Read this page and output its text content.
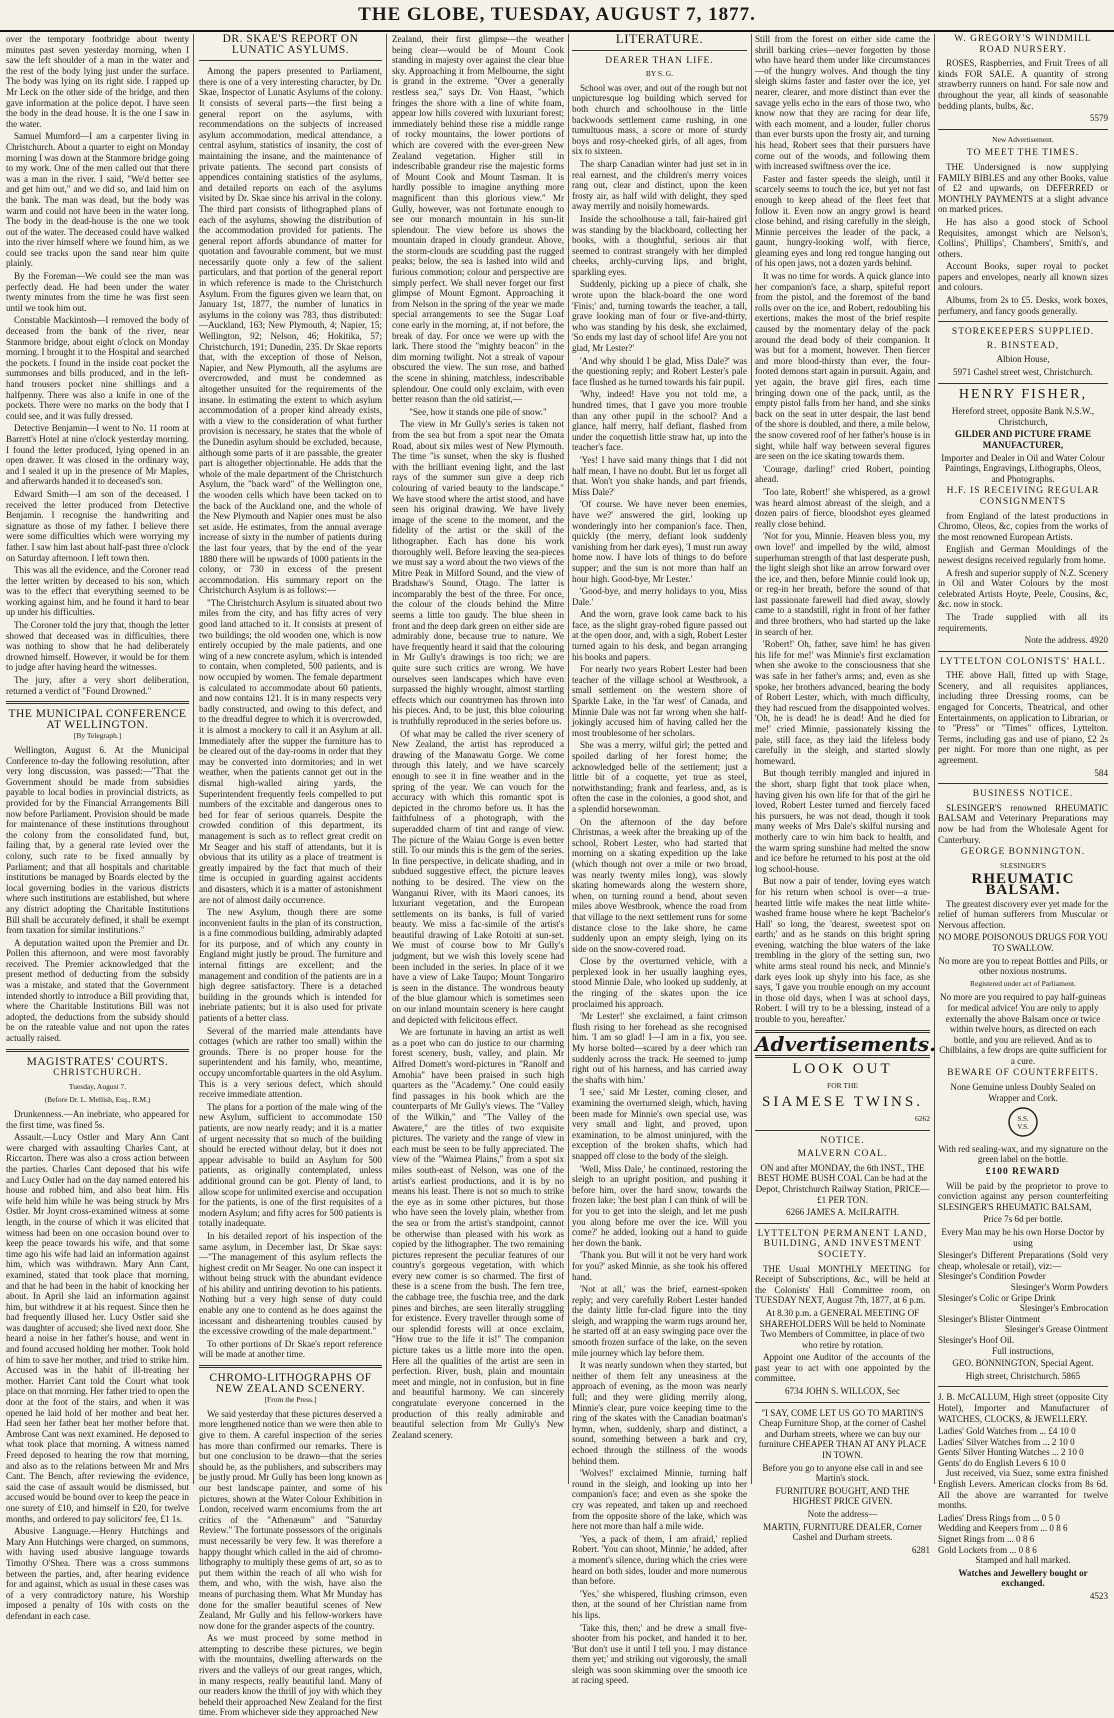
THE GLOBE, TUESDAY, AUGUST 7, 1877.

over the temporary footbridge about twenty minutes past seven yesterday morning, when I saw the left shoulder of a man in the water and the rest of the body lying just under the surface. The body was lying on its right side. I rapped up Mr Leck on the other side of the bridge, and then gave information at the police depot. I have seen the body in the dead house. It is the one I saw in the water.

Samuel Mumford—I am a carpenter living in Christchurch. About a quarter to eight on Monday morning I was down at the Stanmore bridge going to my work. One of the men called out that there was a man in the river. I said, "We'd better see and get him out," and we did so, and laid him on the bank. The man was dead, but the body was warm and could not have been in the water long. The body in the dead-house is the one we took out of the water. The deceased could have walked into the river himself where we found him, as we could see tracks upon the sand near him quite plainly.

By the Foreman—We could see the man was perfectly dead. He had been under the water twenty minutes from the time he was first seen until we took him out.

Constable Mackintosh—I removed the body of deceased from the bank of the river, near Stanmore bridge, about eight o'clock on Monday morning. I brought it to the Hospital and searched the pockets. I found in the inside coat pocket the summonses and bills produced, and in the left-hand trousers pocket nine shillings and a halfpenny. There was also a knife in one of the pockets. There were no marks on the body that I could see, and it was fully dressed.

Detective Benjamin—I went to No. 11 room at Barrett's Hotel at nine o'clock yesterday morning. I found the letter produced, lying opened in an open drawer. It was closed in the ordinary way, and I sealed it up in the presence of Mr Maples, and afterwards handed it to deceased's son.

Edward Smith—I am son of the deceased. I received the letter produced from Detective Benjamin. I recognise the handwriting and signature as those of my father. I believe there were some difficulties which were worrying my father. I saw him last about half-past three o'clock on Saturday afternoon. I left town then.

This was all the evidence, and the Coroner read the letter written by deceased to his son, which was to the effect that everything seemed to be working against him, and he found it hard to bear up under his difficulties.

The Coroner told the jury that, though the letter showed that deceased was in difficulties, there was nothing to show that he had deliberately drowned himself. However, it would be for them to judge after having heard the witnesses.

The jury, after a very short deliberation, returned a verdict of "Found Drowned."

THE MUNICIPAL CONFERENCE AT WELLINGTON.
[By Telegraph.]

Wellington, August 6. At the Municipal Conference to-day the following resolution, after very long discussion, was passed:—"That the Government should be made from subsidies payable to local bodies in provincial districts, as provided for by the Financial Arrangements Bill now before Parliament. Provision should be made for maintenance of these institutions throughout the colony from the consolidated fund, but, failing that, by a general rate levied over the colony, such rate to be fixed annually by Parliament; and that all hospitals and charitable institutions be managed by Boards elected by the local governing bodies in the various districts where such institutions are established, but where any district adopting the Charitable Institutions Bill shall be accurately defined, it shall be exempt from taxation for similar institutions."

A deputation waited upon the Premier and Dr. Pollen this afternoon, and were most favorably received. The Premier acknowledged that the present method of deducting from the subsidy was a mistake, and stated that the Government intended shortly to introduce a Bill providing that, where the Charitable Institutions Bill was not adopted, the deductions from the subsidy should be on the rateable value and not upon the rates actually raised.

MAGISTRATES' COURTS.
CHRISTCHURCH.
Tuesday, August 7.
(Before Dr. L. Mellish, Esq., R.M.)

Drunkenness.—An inebriate, who appeared for the first time, was fined 5s.

Assault.—Lucy Ostler and Mary Ann Cant were charged with assaulting Charles Cant, at Riccarton. There was also a cross action between the parties. Charles Cant deposed that his wife and Lucy Ostler had on the day named entered his house and robbed him, and also beat him. His wife held him while he was being struck by Mrs Ostler. Mr Joynt cross-examined witness at some length, in the course of which it was elicited that witness had been on one occasion bound over to keep the peace towards his wife, and that some time ago his wife had laid an information against him, which was withdrawn. Mary Ann Cant, examined, stated that took place that morning, and that he had been in the habit of knocking her about. In April she laid an information against him, but withdrew it at his request. Since then he had frequently illused her. Lucy Ostler said she was daughter of accused; she lived next door. She heard a noise in her father's house, and went in and found accused holding her mother. Took hold of him to save her mother, and tried to strike him. Accused was in the habit of ill-treating her mother. Harriet Cant told the Court what took place on that morning. Her father tried to open the door at the foot of the stairs, and when it was opened he laid hold of her mother and beat her. Had seen her father beat her mother before that. Ambrose Cant was next examined. He deposed to what took place that morning. A witness named Freed deposed to hearing the row that morning, and also as to the relations between Mr and Mrs Cant. The Bench, after reviewing the evidence, said the case of assault would be dismissed, but accused would be bound over to keep the peace in one surety of £10, and himself in £20, for twelve months, and ordered to pay solicitors' fee, £1 1s.

Abusive Language.—Henry Hutchings and Mary Ann Hutchings were charged, on summons, with having used abusive language towards Timothy O'Shea. There was a cross summons between the parties, and, after hearing evidence for and against, which as usual in these cases was of a very contradictory nature, his Worship imposed a penalty of 10s with costs on the defendant in each case.

DR. SKAE'S REPORT ON LUNATIC ASYLUMS.

Among the papers presented to Parliament, there is one of a very interesting character, by Dr. Skae, Inspector of Lunatic Asylums of the colony. It consists of several parts—the first being a general report on the asylums, with recommendations on the subjects of increased asylum accommodation, medical attendance, a central asylum, statistics of insanity, the cost of maintaining the insane, and the maintenance of private patients. The second part consists of appendices containing statistics of the asylums, and detailed reports on each of the asylums visited by Dr. Skae since his arrival in the colony. The third part consists of lithographed plans of each of the asylums, showing the distribution of the accommodation provided for patients. The general report affords abundance of matter for quotation and favourable comment, but we must necessarily quote only a few of the salient particulars, and that portion of the general report in which reference is made to the Christchurch Asylum. From the figures given we learn that, on January 1st, 1877, the number of lunatics in asylums in the colony was 783, thus distributed:—Auckland, 163; New Plymouth, 4; Napier, 15; Wellington, 92; Nelson, 46; Hokitika, 57; Christchurch, 191; Dunedin, 235. Dr Skae reports that, with the exception of those of Nelson, Napier, and New Plymouth, all the asylums are overcrowded, and must be condemned as altogether unsuited for the requirements of the insane. In estimating the extent to which asylum accommodation of a proper kind already exists, with a view to the consideration of what further provision is necessary, he states that the whole of the Dunedin asylum should be excluded, because, although some parts of it are passable, the greater part is altogether objectionable. He adds that the whole of the male department of the Christchurch Asylum, the "back ward" of the Wellington one, the wooden cells which have been tacked on to the back of the Auckland one, and the whole of the New Plymouth and Napier ones must be also set aside. He estimates, from the annual average increase of sixty in the number of patients during the last four years, that by the end of the year 1880 there will be upwards of 1000 patients in the colony, or 730 in excess of the present accommodation. His summary report on the Christchurch Asylum is as follows:—

"The Christchurch Asylum is situated about two miles from the city, and has fifty acres of very good land attached to it. It consists at present of two buildings; the old wooden one, which is now entirely occupied by the male patients, and one wing of a new concrete asylum, which is intended to contain, when completed, 500 patients, and is now occupied by women. The female department is calculated to accommodate about 60 patients, and now contains 121. It is in many respects very badly constructed, and owing to this defect, and to the dreadful degree to which it is overcrowded, it is almost a mockery to call it an Asylum at all. Immediately after the supper the furniture has to be cleared out of the day-rooms in order that they may be converted into dormitories; and in wet weather, when the patients cannot get out in the dismal high-walled airing yards, the Superintendent frequently feels compelled to put numbers of the excitable and dangerous ones to bed for fear of serious quarrels. Despite the crowded condition of this department, its management is such as to reflect great credit on Mr Seager and his staff of attendants, but it is obvious that its utility as a place of treatment is greatly impaired by the fact that much of their time is occupied in guarding against accidents and disasters, which it is a matter of astonishment are not of almost daily occurrence.

The new Asylum, though there are some inconvenient faults in the plan of its construction, is a fine commodious building, admirably adapted for its purpose, and of which any county in England might justly be proud. The furniture and internal fittings are excellent; and the management and condition of the patients are in a high degree satisfactory. There is a detached building in the grounds which is intended for inebriate patients; but it is also used for private patients of a better class.

Several of the married male attendants have cottages (which are rather too small) within the grounds. There is no proper house for the superintendent and his family, who, meantime, occupy uncomfortable quarters in the old Asylum. This is a very serious defect, which should receive immediate attention.

The plans for a portion of the male wing of the new Asylum, sufficient to accommodate 150 patients, are now nearly ready; and it is a matter of urgent necessity that so much of the building should be erected without delay, but it does not appear advisable to build an Asylum for 500 patients, as originally contemplated, unless additional ground can be got. Plenty of land, to allow scope for unlimited exercise and occupation for the patients, is one of the first requisites of a modern Asylum; and fifty acres for 500 patients is totally inadequate.

In his detailed report of his inspection of the same asylum, in December last, Dr Skae says:—"The management of this asylum reflects the highest credit on Mr Seager. No one can inspect it without being struck with the abundant evidence of his ability and untiring devotion to his patients. Nothing but a very high sense of duty could enable any one to contend as he does against the incessant and disheartening troubles caused by the excessive crowding of the male department."

To other portions of Dr Skae's report reference will be made at another time.

CHROMO-LITHOGRAPHS OF NEW ZEALAND SCENERY.
[From the Press.]

We said yesterday that these pictures deserved a more lengthened notice than we were then able to give to them. A careful inspection of the series has more than confirmed our remarks. There is but one conclusion to be drawn—that the series should be, as the publishers, and subscribers may be justly proud. Mr Gully has been long known as our best landscape painter, and some of his pictures, shown at the Water Colour Exhibition in London, received warm encomiums from the art critics of the "Athenæum" and "Saturday Review." The fortunate possessors of the originals must necessarily be very few. It was therefore a happy thought which called in the aid of chromo-lithography to multiply these gems of art, so as to put them within the reach of all who wish for them, and who, with the wish, have also the means of purchasing them. What Mr Munday has done for the smaller beautiful scenes of New Zealand, Mr Gully and his fellow-workers have now done for the grander aspects of the country.

As we must proceed by some method in attempting to describe these pictures, we begin with the mountains, dwelling afterwards on the rivers and the valleys of our great ranges, which, in many respects, really beautiful land. Many of our readers know the thrill of joy with which they beheld their approached New Zealand for the first time. From whichever side they approached New

Zealand, their first glimpse—the weather being clear—would be of Mount Cook standing in majesty over against the clear blue sky. Approaching it from Melbourne, the sight is grand in the extreme. "Over a generally restless sea," says Dr. Von Haast, "which fringes the shore with a line of white foam, appear low hills covered with luxuriant forest; immediately behind these rise a middle range of rocky mountains, the lower portions of which are covered with the ever-green New Zealand vegetation. Higher still in indescribable grandeur rise the majestic forms of Mount Cook and Mount Tasman. It is hardly possible to imagine anything more magnificent than this glorious view." Mr Gully, however, was not fortunate enough to see our monarch mountain in his sun-lit splendour. The view before us shows the mountain draped in cloudy grandeur. Above, the storm-clouds are scudding past the rugged peaks; below, the sea is lashed into wild and furious commotion; colour and perspective are simply perfect. We shall never forget our first glimpse of Mount Egmont. Approaching it from Nelson in the spring of the year we made special arrangements to see the Sugar Loaf cone early in the morning, at, if not before, the break of day. For once we were up with the lark. There stood the "mighty beacon" in the dim morning twilight. Not a streak of vapour obscured the view. The sun rose, and bathed the scene in shining, matchless, indescribable splendour. One could only exclaim, with even better reason than the old satirist,—

"See, how it stands one pile of snow."

The view in Mr Gully's series is taken not from the sea but from a spot near the Omata Road, about six miles west of New Plymouth. The time "is sunset, when the sky is flushed with the brilliant evening light, and the last rays of the summer sun give a deep rich colouring of varied beauty to the landscape." We have stood where the artist stood, and have seen his original drawing. We have lively image of the scene to the moment, and the fidelity of the artist or the skill of the lithographer. Each has done his work thoroughly well. Before leaving the sea-pieces we must say a word about the two views of the Mitre Peak in Milford Sound, and the view of Bradshaw's Sound, Otago. The latter is incomparably the best of the three. For once, the colour of the clouds behind the Mitre seems a little too gaudy. The blue sheen in front and the deep dark green on either side are admirably done, because true to nature. We have frequently heard it said that the colouring in Mr Gully's drawings is too rich; we are quite sure such critics are wrong. We have ourselves seen landscapes which have even surpassed the highly wrought, almost startling effects which our countrymen has thrown into his pieces. And, to be just, this blue colouring is truthfully reproduced in the series before us.

Of what may be called the river scenery of New Zealand, the artist has reproduced a drawing of the Manawatu Gorge. We come through this lately, and we have scarcely enough to see it in fine weather and in the spring of the year. We can vouch for the accuracy with which this romantic spot is depicted in the chromo before us. It has the faithfulness of a photograph, with the superadded charm of tint and range of view. The picture of the Waiau Gorge is even better still. To our minds this is the gem of the series. In fine perspective, in delicate shading, and in subdued suggestive effect, the picture leaves nothing to be desired. The view on the Wanganui River, with its Maori canoes, its luxuriant vegetation, and the European settlements on its banks, is full of varied beauty. We miss a fac-simile of the artist's beautiful drawing of Lake Rotoiti at sun-set. We must of course bow to Mr Gully's judgment, but we wish this lovely scene had been included in the series. In place of it we have a view of Lake Taupo; Mount Tongariro is seen in the distance. The wondrous beauty of the blue glamour which is sometimes seen on our inland mountain scenery is here caught and depicted with felicitous effect.

We are fortunate in having an artist as well as a poet who can do justice to our charming forest scenery, bush, valley, and plain. Mr Alfred Domett's word-pictures in "Ranolf and Amohia" have been praised in such high quarters as the "Academy." One could easily find passages in his book which are the counterparts of Mr Gully's views. The "Valley of the Wilkin," and "The Valley of the Awatere," are the titles of two exquisite pictures. The variety and the range of view in each must be seen to be fully appreciated. The view of the "Waimea Plains," from a spot six miles south-east of Nelson, was one of the artist's earliest productions, and it is by no means his least. There is not so much to strike the eye as in some other pictures, but those who have seen the lovely plain, whether from the sea or from the artist's standpoint, cannot be otherwise than pleased with his work as copied by the lithographer. The two remaining pictures represent the peculiar features of our country's gorgeous vegetation, with which every new comer is so charmed. The first of these is a scene from the bush. The fern tree, the cabbage tree, the fuschia tree, and the dark pines and birches, are seen literally struggling for existence. Every traveller through some of our splendid forests will at once exclaim, "How true to the life it is!" The companion picture takes us a little more into the open. Here all the qualities of the artist are seen in perfection. River, bush, plain and mountain meet and mingle, not in confusion, but in fine and beautiful harmony. We can sincerely congratulate everyone concerned in the production of this really admirable and beautiful selection from Mr Gully's New Zealand scenery.

LITERATURE.
DEARER THAN LIFE.
BY S. G.

School was over, and out of the rough but not unpicturesque log building which served for both church and schoolhouse in the little backwoods settlement came rushing, in one tumultuous mass, a score or more of sturdy boys and rosy-cheeked girls, of all ages, from six to sixteen.

The sharp Canadian winter had just set in in real earnest, and the children's merry voices rang out, clear and distinct, upon the keen frosty air, as half wild with delight, they sped away merrily and noisily homewards.

Inside the schoolhouse a tall, fair-haired girl was standing by the blackboard, collecting her books, with a thoughtful, serious air that seemed to contrast strangely with her dimpled cheeks, archly-curving lips, and bright, sparkling eyes.

Suddenly, picking up a piece of chalk, she wrote upon the black-board the one word 'Finis;' and, turning towards the teacher, a tall, grave looking man of four or five-and-thirty, who was standing by his desk, she exclaimed, 'So ends my last day of school life! Are you not glad, Mr Lester?'

'And why should I be glad, Miss Dale?' was the questioning reply; and Robert Lester's pale face flushed as he turned towards his fair pupil.

'Why, indeed! Have you not told me, a hundred times, that I gave you more trouble than any other pupil in the school? And a glance, half merry, half defiant, flashed from under the coquettish little straw hat, up into the teacher's face.

'Yes! I have said many things that I did not half mean, I have no doubt. But let us forget all that. Won't you shake hands, and part friends, Miss Dale?'

'Of course. We have never been enemies, have we?' answered the girl, looking up wonderingly into her companion's face. Then, quickly (the merry, defiant look suddenly vanishing from her dark eyes), 'I must run away home now. I have lots of things to do before supper; and the sun is not more than half an hour high. Good-bye, Mr Lester.'

'Good-bye, and merry holidays to you, Miss Dale.'

And the worn, grave look came back to his face, as the slight gray-robed figure passed out at the open door, and, with a sigh, Robert Lester turned again to his desk, and began arranging his books and papers.

For nearly two years Robert Lester had been teacher of the village school at Westbrook, a small settlement on the western shore of Sparkle Lake, in the 'far west' of Canada, and Minnie Dale was not far wrong when she half-jokingly accused him of having called her the most troublesome of her scholars.

She was a merry, wilful girl; the petted and spoiled darling of her forest home; the acknowledged belle of the settlement; just a little bit of a coquette, yet true as steel, notwithstanding; frank and fearless, and, as is often the case in the colonies, a good shot, and a splendid horsewoman.

On the afternoon of the day before Christmas, a week after the breaking up of the school, Robert Lester, who had started that morning on a skating expedition up the lake (which though not over a mile or two broad, was nearly twenty miles long), was slowly skating homewards along the western shore, when, on turning round a bend, about seven miles above Westbrook, whence the road from that village to the next settlement runs for some distance close to the lake shore, he came suddenly upon an empty sleigh, lying on its side on the snow-covered road.

Close by the overturned vehicle, with a perplexed look in her usually laughing eyes, stood Minnie Dale, who looked up suddenly, at the ringing of the skates upon the ice proclaimed his approach.

'Mr Lester!' she exclaimed, a faint crimson flush rising to her forehead as she recognised him. 'I am so glad! I—I am in a fix, you see. My horse bolted—scared by a deer which ran suddenly across the track. He seemed to jump right out of his harness, and has carried away the shafts with him.'

'I see,' said Mr Lester, coming closer, and examining the overturned sleigh, which, having been made for Minnie's own special use, was very small and light, and proved, upon examination, to be almost uninjured, with the exception of the broken shafts, which had snapped off close to the body of the sleigh.

'Well, Miss Dale,' he continued, restoring the sleigh to an upright position, and pushing it before him, over the hard snow, towards the frozen lake; 'the best plan I can think of will be for you to get into the sleigh, and let me push you along before me over the ice. Will you come?' he added, looking out a hand to guide her down the bank.

'Thank you. But will it not be very hard work for you?' asked Minnie, as she took his offered hand.

'Not at all,' was the brief, earnest-spoken reply; and very carefully Robert Lester handed the dainty little fur-clad figure into the tiny sleigh, and wrapping the warm rugs around her, he started off at an easy swinging pace over the smooth frozen surface of the lake, on the seven mile journey which lay before them.

It was nearly sundown when they started, but neither of them felt any uneasiness at the approach of evening, as the moon was nearly full; and they were gliding merrily along, Minnie's clear, pure voice keeping time to the ring of the skates with the Canadian boatman's hymn, when, suddenly, sharp and distinct, a sound, something between a bark and cry, echoed through the stillness of the woods behind them.

'Wolves!' exclaimed Minnie, turning half round in the sleigh, and looking up into her companion's face; and even as she spoke the cry was repeated, and taken up and reechoed from the opposite shore of the lake, which was here not more than half a mile wide.

'Yes, a pack of them, I am afraid,' replied Robert. 'You can shoot, Minnie,' he added, after a moment's silence, during which the cries were heard on both sides, louder and more numerous than before.

'Yes,' she whispered, flushing crimson, even then, at the sound of her Christian name from his lips.

'Take this, then;' and he drew a small five-shooter from his pocket, and handed it to her. 'But don't use it until I tell you. I may distance them yet;' and striking out vigorously, the small sleigh was soon skimming over the smooth ice at racing speed.

Still from the forest on either side came the shrill barking cries—never forgotten by those who have heard them under like circumstances—of the hungry wolves. And though the tiny sleigh skims faster and faster over the ice, yet nearer, clearer, and more distinct than ever the savage yells echo in the ears of those two, who know now that they are racing for dear life, with each moment, and a louder, fuller chorus than ever bursts upon the frosty air, and turning his head, Robert sees that their pursuers have come out of the woods, and following them with increased swiftness over the ice.

Faster and faster speeds the sleigh, until it scarcely seems to touch the ice, but yet not fast enough to keep ahead of the fleet feet that follow it. Even now an angry growl is heard close behind, and rising carefully in the sleigh, Minnie perceives the leader of the pack, a gaunt, hungry-looking wolf, with fierce, gleaming eyes and long red tongue hanging out of his open jaws, not a dozen yards behind.

It was no time for words. A quick glance into her companion's face, a sharp, spiteful report from the pistol, and the foremost of the band rolls over on the ice, and Robert, redoubling his exertions, makes the most of the brief respite caused by the momentary delay of the pack around the dead body of their companion. It was but for a moment, however. Then fiercer and more blood-thirsty than ever, the four-footed demons start again in pursuit. Again, and yet again, the brave girl fires, each time bringing down one of the pack, until, as the empty pistol falls from her hand, and she sinks back on the seat in utter despair, the last bend of the shore is doubled, and there, a mile below, the snow covered roof of her father's house is in sight, while half way between several figures are seen on the ice skating towards them.

'Courage, darling!' cried Robert, pointing ahead.

'Too late, Robert!' she whispered, as a growl was heard almost abreast of the sleigh, and a dozen pairs of fierce, bloodshot eyes gleamed really close behind.

'Not for you, Minnie. Heaven bless you, my own love!' and impelled by the wild, almost superhuman strength of that last desperate push, the light sleigh shot like an arrow forward over the ice, and then, before Minnie could look up, or reg-in her breath, before the sound of that last passionate farewell had died away, slowly came to a standstill, right in front of her father and three brothers, who had started up the lake in search of her.

'Robert!' Oh, father, save him! he has given his life for me!' was Minnie's first exclamation when she awoke to the consciousness that she was safe in her father's arms; and, even as she spoke, her brothers advanced, bearing the body of Robert Lester, which, with much difficulty, they had rescued from the disappointed wolves. 'Oh, he is dead! he is dead! And he died for me!' cried Minnie, passionately kissing the pale, still face, as they laid the lifeless body carefully in the sleigh, and started slowly homeward.

But though terribly mangled and injured in the short, sharp fight that took place when, having given his own life for that of the girl he loved, Robert Lester turned and fiercely faced his pursuers, he was not dead, though it took many weeks of Mrs Dale's skilful nursing and motherly care to win him back to health, and the warm spring sunshine had melted the snow and ice before he returned to his post at the old log school-house.

But now a pair of tender, loving eyes watch for his return when school is over—a true-hearted little wife makes the neat little white-washed frame house where he kept 'Bachelor's Hall' so long, the 'dearest, sweetest spot on earth;' and as he stands on this bright spring evening, watching the blue waters of the lake trembling in the glory of the setting sun, two white arms steal round his neck, and Minnie's dark eyes look up shyly into his face, as she says, 'I gave you trouble enough on my account in those old days, when I was at school days, Robert. I will try to be a blessing, instead of a trouble to you, hereafter.'

Advertisements.
LOOK OUT
FOR THE
SIAMESE TWINS.
6262
NOTICE.
MALVERN COAL.

ON and after MONDAY, the 6th INST., THE BEST HOME BUSH COAL Can be had at the Depot, Christchurch Railway Station, PRICE—£1 PER TON.

6266 JAMES A. McILRAITH.

LYTTELTON PERMANENT LAND, BUILDING, AND INVESTMENT SOCIETY.

THE Usual MONTHLY MEETING for Receipt of Subscriptions, &c., will be held at the Colonists' Hall Committee room, on TUESDAY NEXT, August 7th, 1877, at 6 p.m.

At 8.30 p.m. a GENERAL MEETING OF SHAREHOLDERS Will be held to Nominate Two Members of Committee, in place of two who retire by rotation.

Appoint one Auditor of the accounts of the past year to act with one appointed by the committee.

6734 JOHN S. WILLCOX, Sec

"I SAY, COME LET US GO TO MARTIN'S Cheap Furniture Shop, at the corner of Cashel and Durham streets, where we can buy our furniture CHEAPER THAN AT ANY PLACE IN TOWN.

Before you go to anyone else call in and see Martin's stock.

FURNITURE BOUGHT, AND THE HIGHEST PRICE GIVEN.

Note the address—

MARTIN, FURNITURE DEALER, Corner Cashel and Durham streets.

6281

W. GREGORY'S WINDMILL ROAD NURSERY.

ROSES, Raspberries, and Fruit Trees of all kinds FOR SALE. A quantity of strong strawberry runners on hand. For sale now and throughout the year, all kinds of seasonable bedding plants, bulbs, &c.

5579

New Advertisement.
TO MEET THE TIMES.

THE Undersigned is now supplying FAMILY BIBLES and any other Books, value of £2 and upwards, on DEFERRED or MONTHLY PAYMENTS at a slight advance on marked prices.

He has also a good stock of School Requisites, amongst which are Nelson's, Collins', Phillips', Chambers', Smith's, and others.

Account Books, super royal to pocket papers and envelopes, nearly all known sizes and colours.

Albums, from 2s to £5. Desks, work boxes, perfumery, and fancy goods generally.

STOREKEEPERS SUPPLIED.
R. BINSTEAD,

Albion House,

5971 Cashel street west, Christchurch.

HENRY FISHER,

Hereford street, opposite Bank N.S.W., Christchurch,

GILDER AND PICTURE FRAME MANUFACTURER,

Importer and Dealer in Oil and Water Colour Paintings, Engravings, Lithographs, Oleos, and Photographs.

H.F. IS RECEIVING REGULAR CONSIGNMENTS

from England of the latest productions in Chromo, Oleos, &c, copies from the works of the most renowned European Artists.

English and German Mouldings of the newest designs received regularly from home.

A fresh and superior supply of N.Z. Scenery in Oil and Water Colours by the most celebrated Artists Hoyte, Peele, Cousins, &c, &c. now in stock.

The Trade supplied with all its requirements.

Note the address. 4920

LYTTELTON COLONISTS' HALL.

THE above Hall, fitted up with Stage, Scenery, and all requisites appliances, including three Dressing rooms, can be engaged for Concerts, Theatrical, and other Entertainments, on application to Librarian, or to "Press" or "Times" offices, Lyttelton. Terms, including gas and use of piano, £2 2s per night. For more than one night, as per agreement.

584

BUSINESS NOTICE.

SLESINGER'S renowned RHEUMATIC BALSAM and Veterinary Preparations may now be had from the Wholesale Agent for Canterbury.

GEORGE BONNINGTON.
SLESINGER'S
RHEUMATIC BALSAM.

The greatest discovery ever yet made for the relief of human sufferers from Muscular or Nervous affection.

NO MORE POISONOUS DRUGS FOR YOU TO SWALLOW.

No more are you to repeat Bottles and Pills, or other noxious nostrums.

Registered under act of Parliament.

No more are you required to pay half-guineas for medical advice! You are only to apply externally the above Balsam once or twice within twelve hours, as directed on each bottle, and you are relieved. And as to Chilblains, a few drops are quite sufficient for a cure.

BEWARE OF COUNTERFEITS.

None Genuine unless Doubly Sealed on Wrapper and Cork.

S.S.
V.S.

With red sealing-wax, and my signature on the green label on the bottle.

£100 REWARD

Will be paid by the proprietor to prove to conviction against any person counterfeiting SLESINGER'S RHEUMATIC BALSAM,

Price 7s 6d per bottle.

Every Man may be his own Horse Doctor by using

Slesinger's Different Preparations (Sold very cheap, wholesale or retail), viz:—
Slesinger's Condition Powder
Slesinger's Worm Powders
Slesinger's Colic or Gripe Drink
Slesinger's Embrocation
Slesinger's Blister Ointment
Slesinger's Grease Ointment
Slesinger's Hoof Oil.

Full instructions,

GEO. BONNINGTON, Special Agent.

High street, Christchurch. 5865

J. B. McCALLUM, High street (opposite City Hotel), Importer and Manufacturer of WATCHES, CLOCKS, & JEWELLERY.

Ladies' Gold Watches from ... £4 10 0
Ladies' Silver Watches from ... 2 10 0
Gents' Silver Hunting Watches ... 2 10 0
Gents' do do English Levers 6 10 0

Just received, via Suez, some extra finished English Levers. American clocks from 8s 6d. All the above are warranted for twelve months.

Ladies' Dress Rings from ... 0 5 0
Wedding and Keepers from ... 0 8 6
Signet Rings from ... 0 8 6
Gold Lockets from ... 0 8 6

Stamped and hall marked.

Watches and Jewellery bought or exchanged.

4523
